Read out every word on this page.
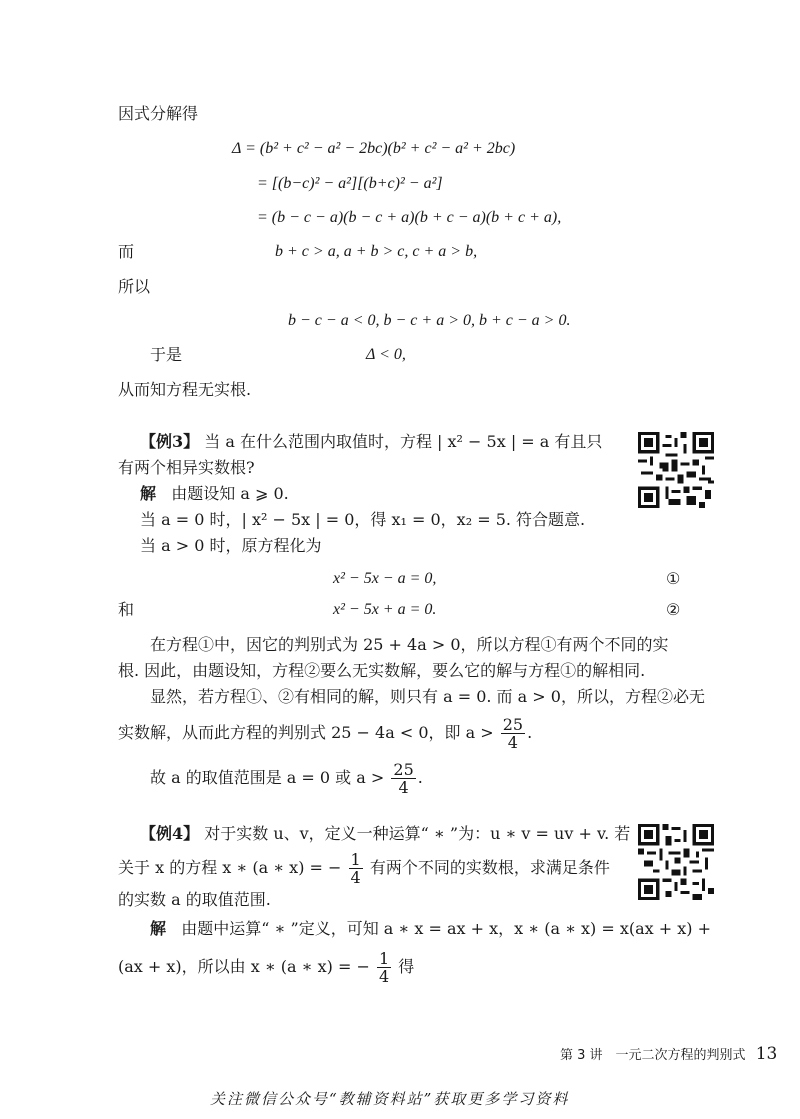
因式分解得
Δ = (b² + c² − a² − 2bc)(b² + c² − a² + 2bc)
= [(b−c)² − a²][(b+c)² − a²]
= (b − c − a)(b − c + a)(b + c − a)(b + c + a),
而	b + c > a, a + b > c, c + a > b,
所以
b − c − a < 0, b − c + a > 0, b + c − a > 0.
于是	Δ < 0,
从而知方程无实根.
【例3】 当 a 在什么范围内取值时，方程 | x² − 5x | = a 有且只
有两个相异实数根?
解 由题设知 a ⩾ 0.
当 a = 0 时，| x² − 5x | = 0，得 x₁ = 0，x₂ = 5. 符合题意.
当 a > 0 时，原方程化为
x² − 5x − a = 0,	①
和	x² − 5x + a = 0.	②
在方程①中，因它的判别式为 25 + 4a > 0，所以方程①有两个不同的实
根. 因此，由题设知，方程②要么无实数解，要么它的解与方程①的解相同.
显然，若方程①、②有相同的解，则只有 a = 0. 而 a > 0，所以，方程②必无
实数解，从而此方程的判别式 25 − 4a < 0，即 $a > \frac{25}{4}$ .
故 a 的取值范围是 a = 0 或 $a > \frac{25}{4}$ .
【例4】 对于实数 u、v，定义一种运算“ ∗ ”为：u ∗ v = uv + v. 若
关于 x 的方程 x ∗ (a ∗ x) = − $\frac{1}{4}$ 有两个不同的实数根，求满足条件
的实数 a 的取值范围.
解 由题中运算“ ∗ ”定义，可知 a ∗ x = ax + x，x ∗ (a ∗ x) = x(ax + x) +
(ax + x)，所以由 x ∗ (a ∗ x) = − $\frac{1}{4}$ 得
第 3 讲　一元二次方程的判别式 13
关注微信公众号“教辅资料站”获取更多学习资料
